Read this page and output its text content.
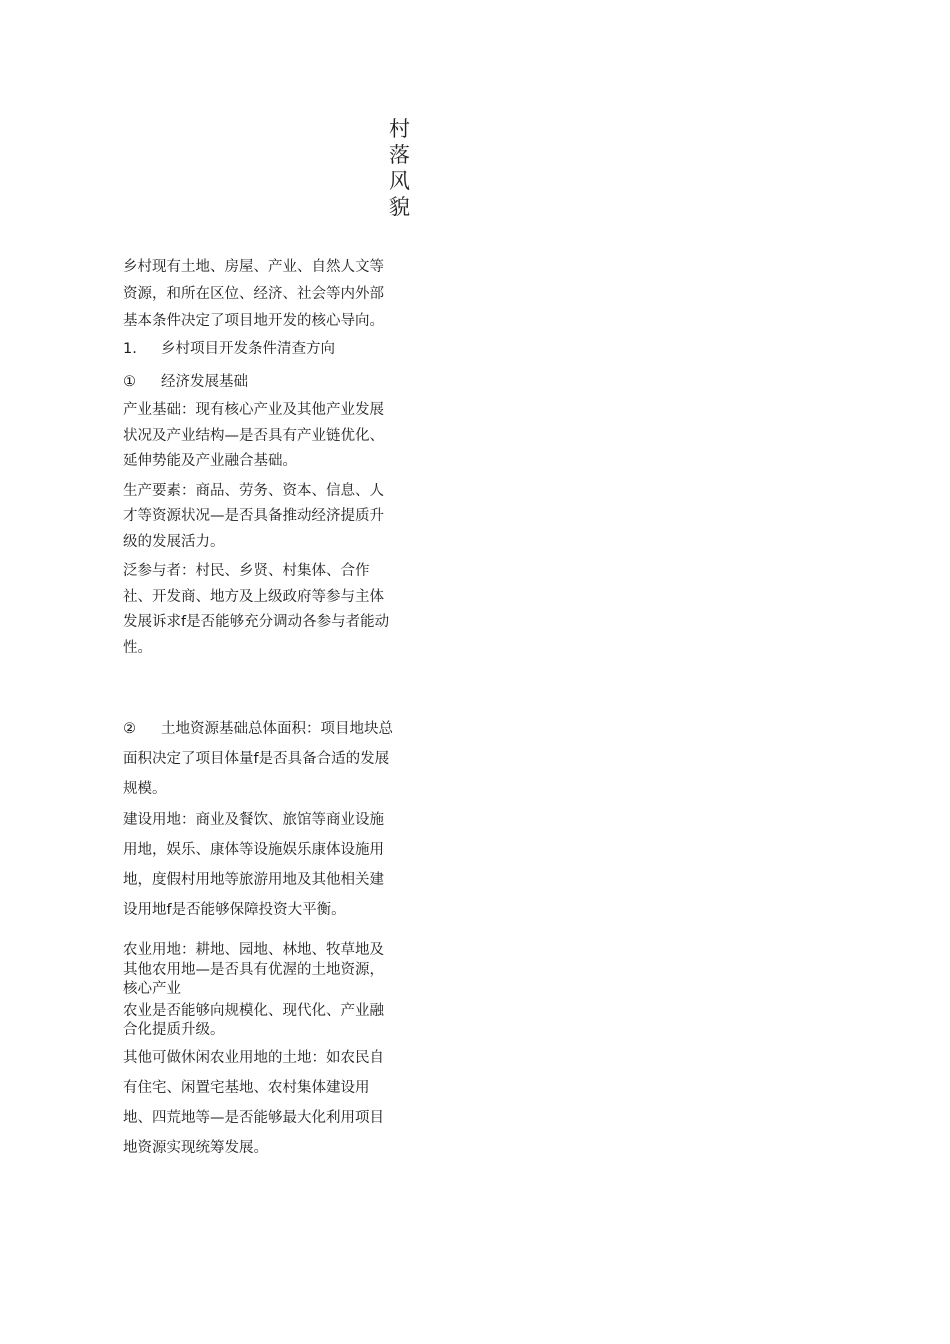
村落风貌

乡村现有土地、房屋、产业、自然人文等资源，和所在区位、经济、社会等内外部基本条件决定了项目地开发的核心导向。

1. 乡村项目开发条件清查方向

① 经济发展基础

产业基础：现有核心产业及其他产业发展状况及产业结构—是否具有产业链优化、延伸势能及产业融合基础。

生产要素：商品、劳务、资本、信息、人才等资源状况—是否具备推动经济提质升级的发展活力。

泛参与者：村民、乡贤、村集体、合作社、开发商、地方及上级政府等参与主体发展诉求f是否能够充分调动各参与者能动性。

② 土地资源基础总体面积：项目地块总面积决定了项目体量f是否具备合适的发展规模。

建设用地：商业及餐饮、旅馆等商业设施用地，娱乐、康体等设施娱乐康体设施用地，度假村用地等旅游用地及其他相关建设用地f是否能够保障投资大平衡。

农业用地：耕地、园地、林地、牧草地及其他农用地—是否具有优渥的土地资源，核心产业

农业是否能够向规模化、现代化、产业融合化提质升级。

其他可做休闲农业用地的土地：如农民自有住宅、闲置宅基地、农村集体建设用地、四荒地等—是否能够最大化利用项目地资源实现统筹发展。
